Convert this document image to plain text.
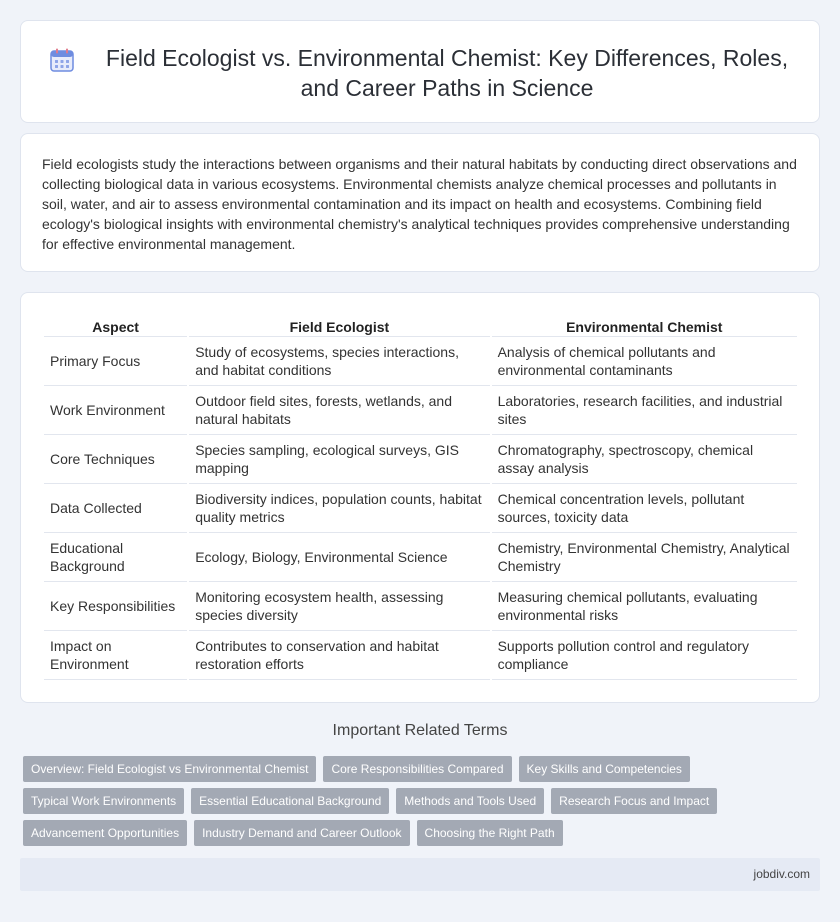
Field Ecologist vs. Environmental Chemist: Key Differences, Roles, and Career Paths in Science

Field ecologists study the interactions between organisms and their natural habitats by conducting direct observations and collecting biological data in various ecosystems. Environmental chemists analyze chemical processes and pollutants in soil, water, and air to assess environmental contamination and its impact on health and ecosystems. Combining field ecology's biological insights with environmental chemistry's analytical techniques provides comprehensive understanding for effective environmental management.

Aspect	Field Ecologist	Environmental Chemist
Primary Focus	Study of ecosystems, species interactions, and habitat conditions	Analysis of chemical pollutants and environmental contaminants
Work Environment	Outdoor field sites, forests, wetlands, and natural habitats	Laboratories, research facilities, and industrial sites
Core Techniques	Species sampling, ecological surveys, GIS mapping	Chromatography, spectroscopy, chemical assay analysis
Data Collected	Biodiversity indices, population counts, habitat quality metrics	Chemical concentration levels, pollutant sources, toxicity data
Educational Background	Ecology, Biology, Environmental Science	Chemistry, Environmental Chemistry, Analytical Chemistry
Key Responsibilities	Monitoring ecosystem health, assessing species diversity	Measuring chemical pollutants, evaluating environmental risks
Impact on Environment	Contributes to conservation and habitat restoration efforts	Supports pollution control and regulatory compliance
Important Related Terms
Overview: Field Ecologist vs Environmental Chemist	Core Responsibilities Compared	Key Skills and Competencies
Typical Work Environments	Essential Educational Background	Methods and Tools Used	Research Focus and Impact
Advancement Opportunities	Industry Demand and Career Outlook	Choosing the Right Path
jobdiv.com
